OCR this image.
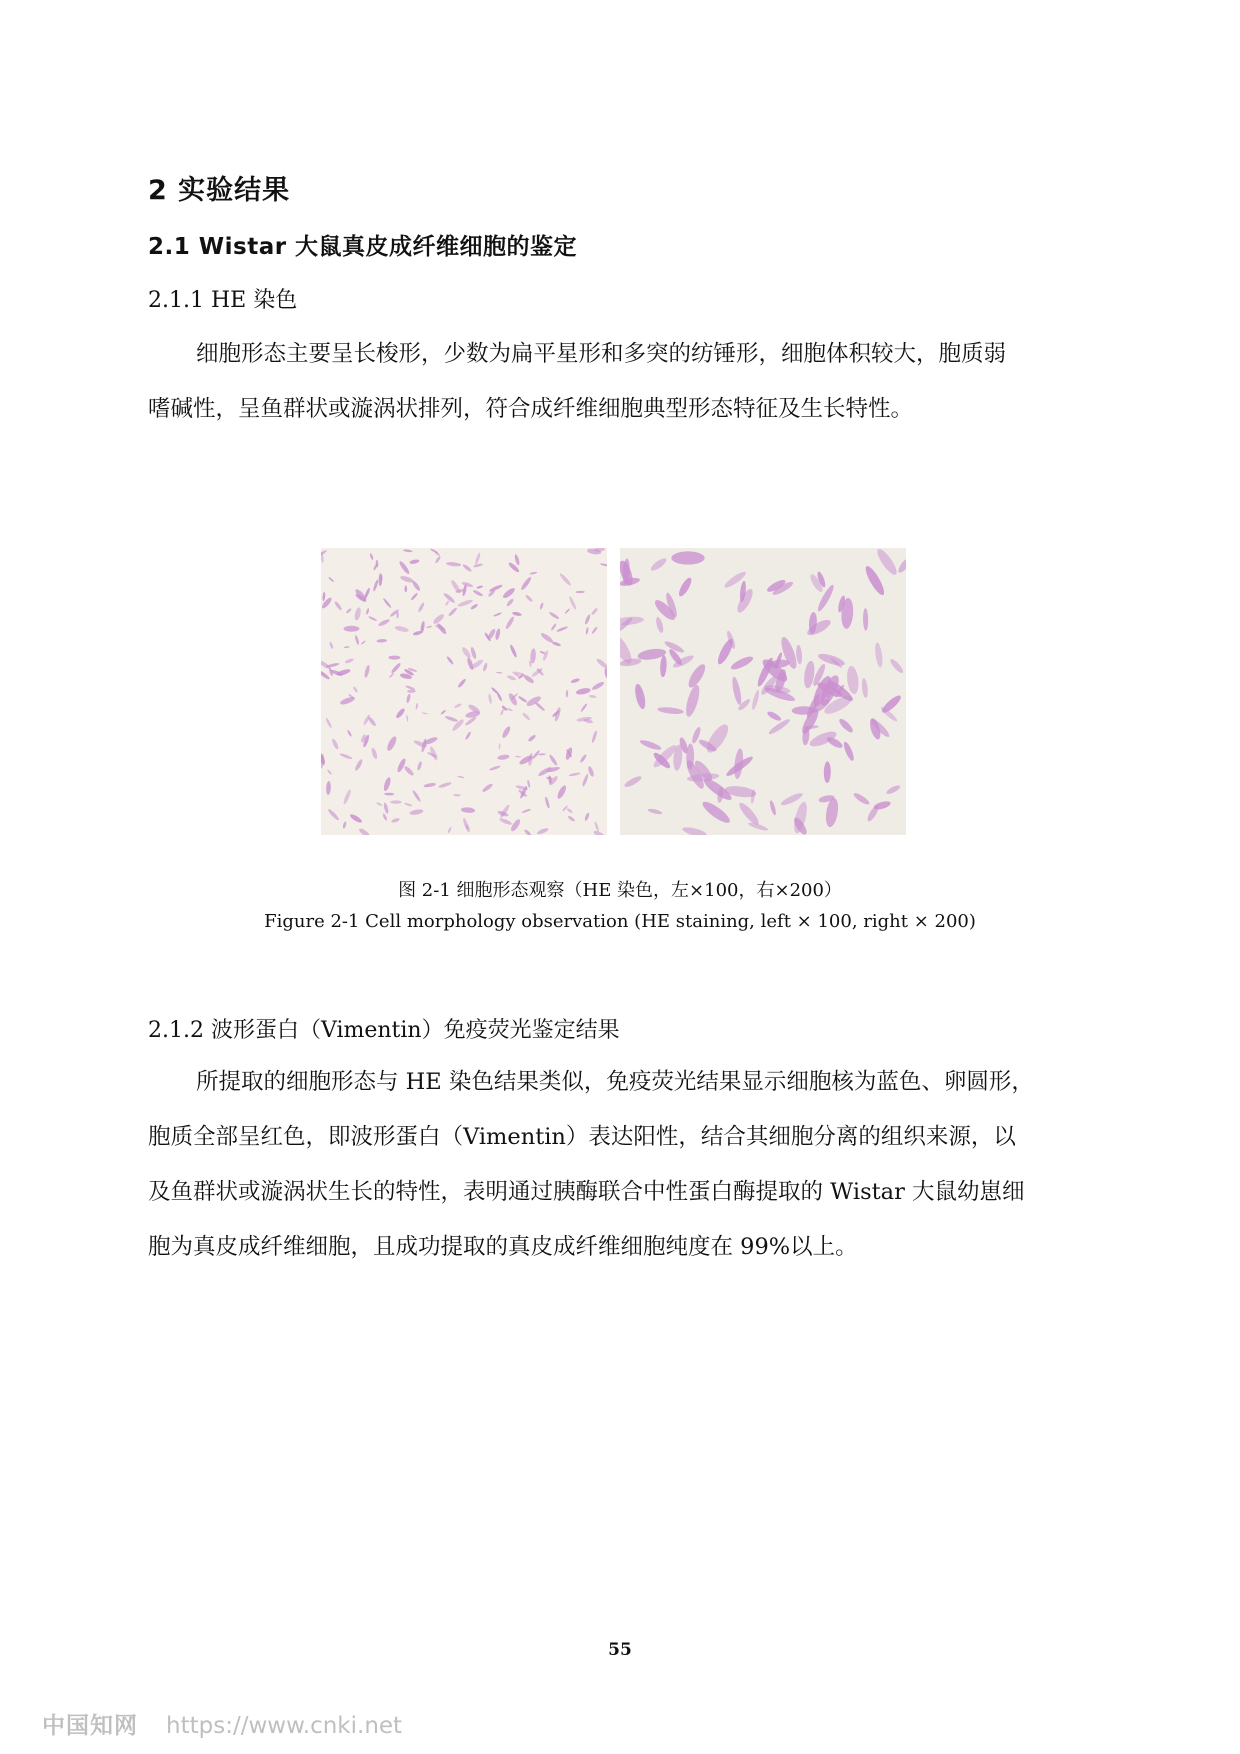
2 实验结果
2.1 Wistar 大鼠真皮成纤维细胞的鉴定
2.1.1 HE 染色
细胞形态主要呈长梭形，少数为扁平星形和多突的纺锤形，细胞体积较大，胞质弱
嗜碱性，呈鱼群状或漩涡状排列，符合成纤维细胞典型形态特征及生长特性。
图 2-1 细胞形态观察（HE 染色，左×100，右×200）
Figure 2-1 Cell morphology observation (HE staining, left × 100, right × 200)
2.1.2 波形蛋白（Vimentin）免疫荧光鉴定结果
所提取的细胞形态与 HE 染色结果类似，免疫荧光结果显示细胞核为蓝色、卵圆形，
胞质全部呈红色，即波形蛋白（Vimentin）表达阳性，结合其细胞分离的组织来源，以
及鱼群状或漩涡状生长的特性，表明通过胰酶联合中性蛋白酶提取的 Wistar 大鼠幼崽细
胞为真皮成纤维细胞，且成功提取的真皮成纤维细胞纯度在 99%以上。
55
中国知网 https://www.cnki.net
